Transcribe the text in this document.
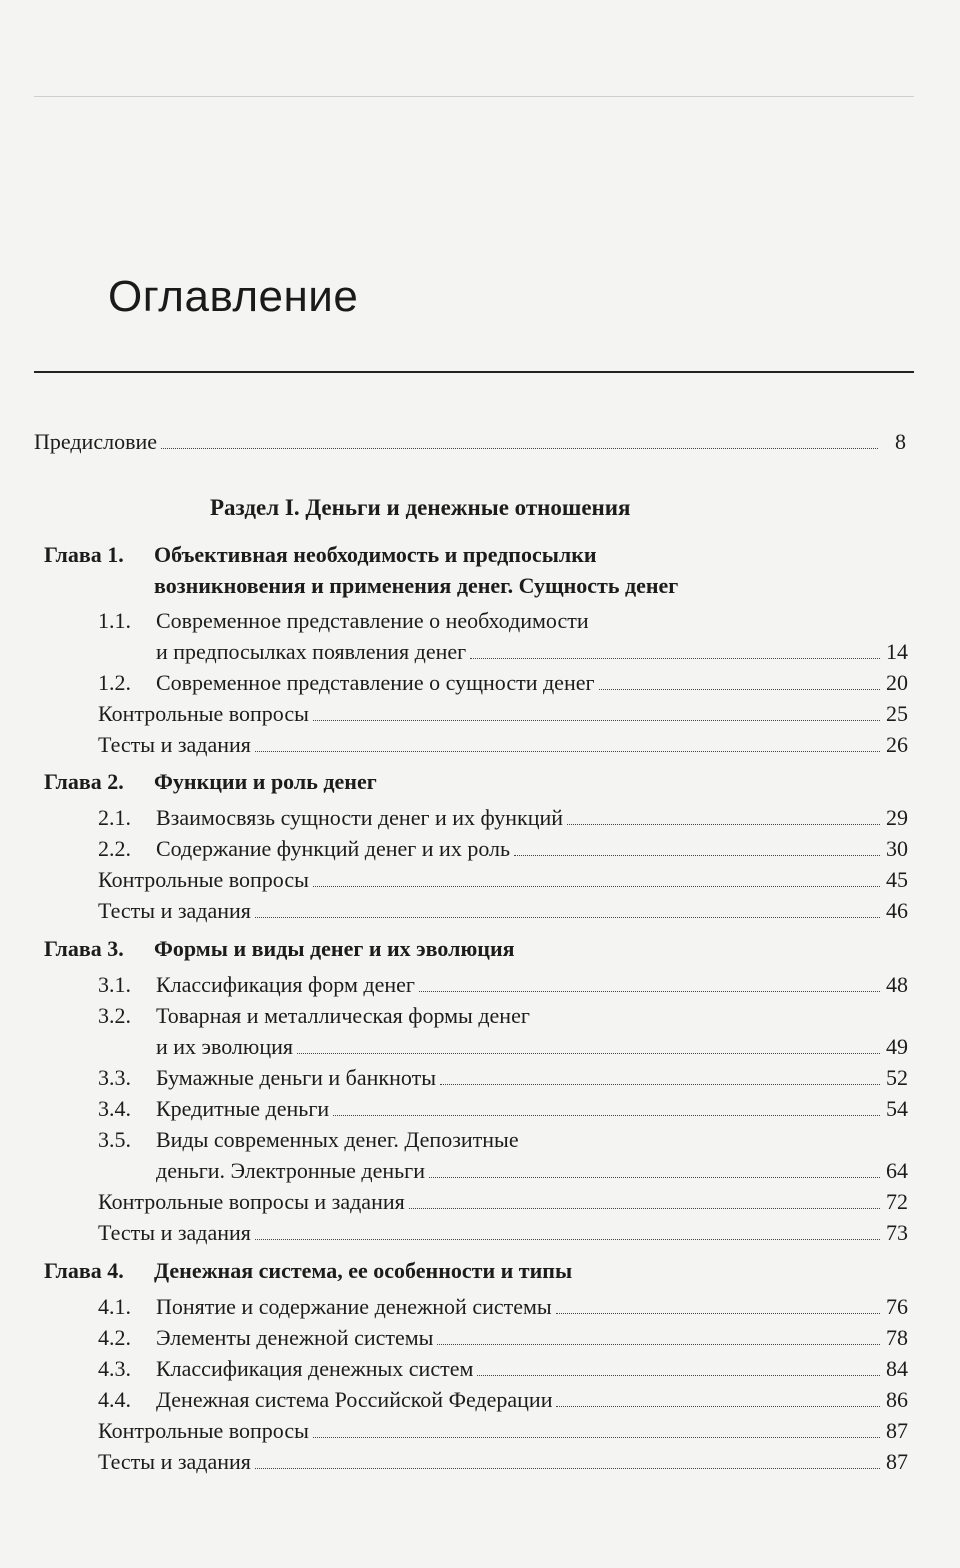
Оглавление
Предисловие	8
Раздел I. Деньги и денежные отношения
Глава 1.	Объективная необходимость и предпосылки
возникновения и применения денег. Сущность денег
1.1. Современное представление о необходимости
и предпосылках появления денег	14
1.2.	Современное представление о сущности денег	20
Контрольные вопросы	25
Тесты и задания	26
Глава 2.	Функции и роль денег
2.1.	Взаимосвязь сущности денег и их функций	29
2.2.	Содержание функций денег и их роль	30
Контрольные вопросы	45
Тесты и задания	46
Глава 3.	Формы и виды денег и их эволюция
3.1.	Классификация форм денег	48
3.2. Товарная и металлическая формы денег
и их эволюция	49
3.3.	Бумажные деньги и банкноты	52
3.4.	Кредитные деньги	54
3.5. Виды современных денег. Депозитные
деньги. Электронные деньги	64
Контрольные вопросы и задания	72
Тесты и задания	73
Глава 4.	Денежная система, ее особенности и типы
4.1.	Понятие и содержание денежной системы	76
4.2.	Элементы денежной системы	78
4.3.	Классификация денежных систем	84
4.4.	Денежная система Российской Федерации	86
Контрольные вопросы	87
Тесты и задания	87
